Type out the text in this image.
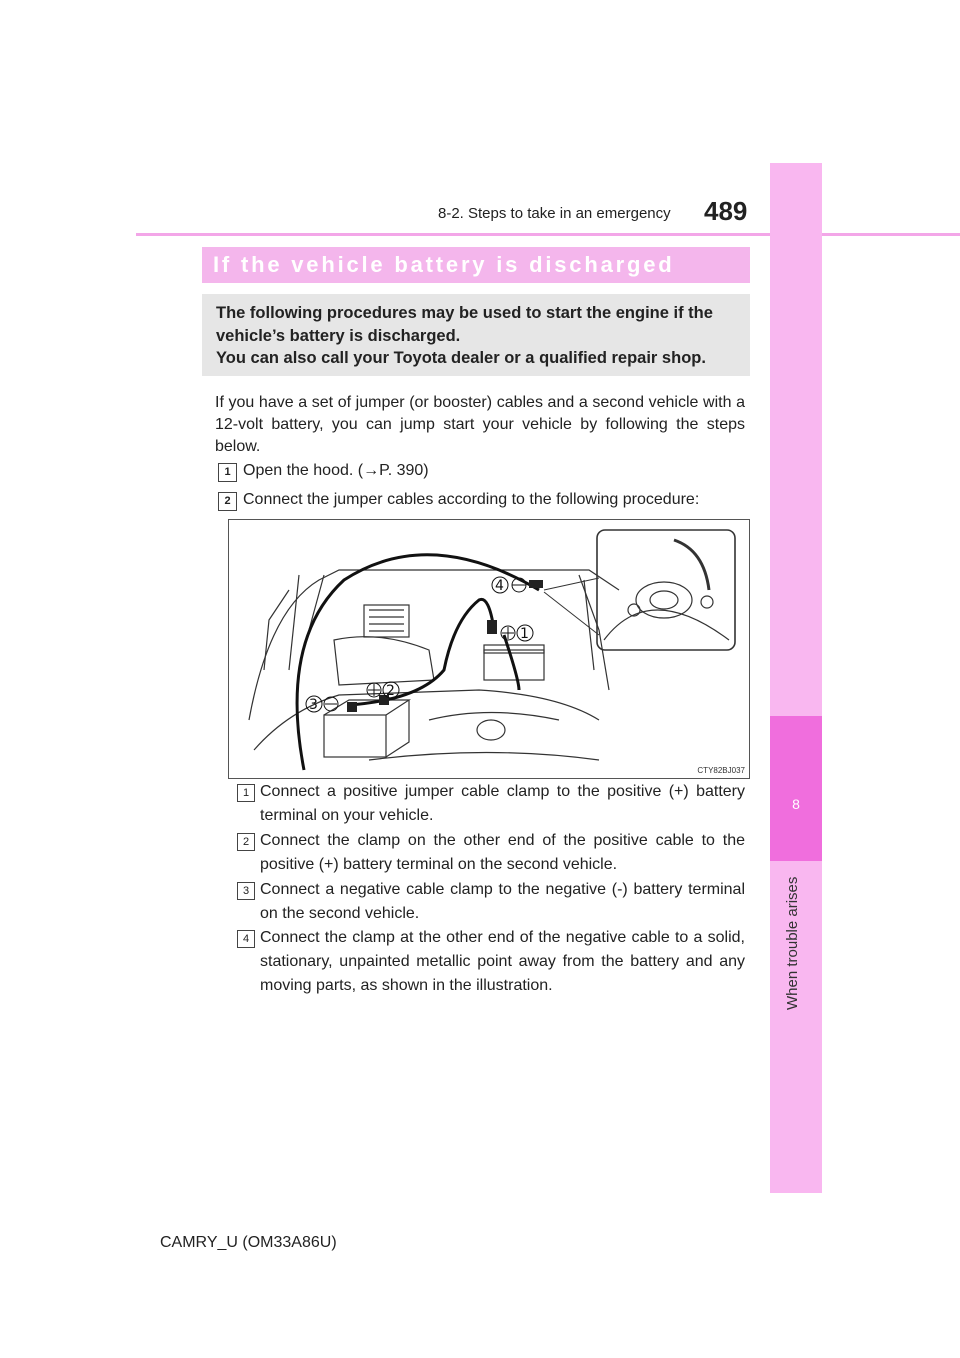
8-2. Steps to take in an emergency 489
8
When trouble arises
If the vehicle battery is discharged
The following procedures may be used to start the engine if the
vehicle’s battery is discharged.
You can also call your Toyota dealer or a qualified repair shop.
If you have a set of jumper (or booster) cables and a second vehicle with a 12-volt battery, you can jump start your vehicle by following the steps below.
1 Open the hood. (→P. 390)
2 Connect the jumper cables according to the following procedure:
4
1
2
3
CTY82BJ037
1 Connect a positive jumper cable clamp to the positive (+) battery terminal on your vehicle.
2 Connect the clamp on the other end of the positive cable to the positive (+) battery terminal on the second vehicle.
3 Connect a negative cable clamp to the negative (-) battery terminal on the second vehicle.
4 Connect the clamp at the other end of the negative cable to a solid, stationary, unpainted metallic point away from the battery and any moving parts, as shown in the illustration.
CAMRY_U (OM33A86U)
